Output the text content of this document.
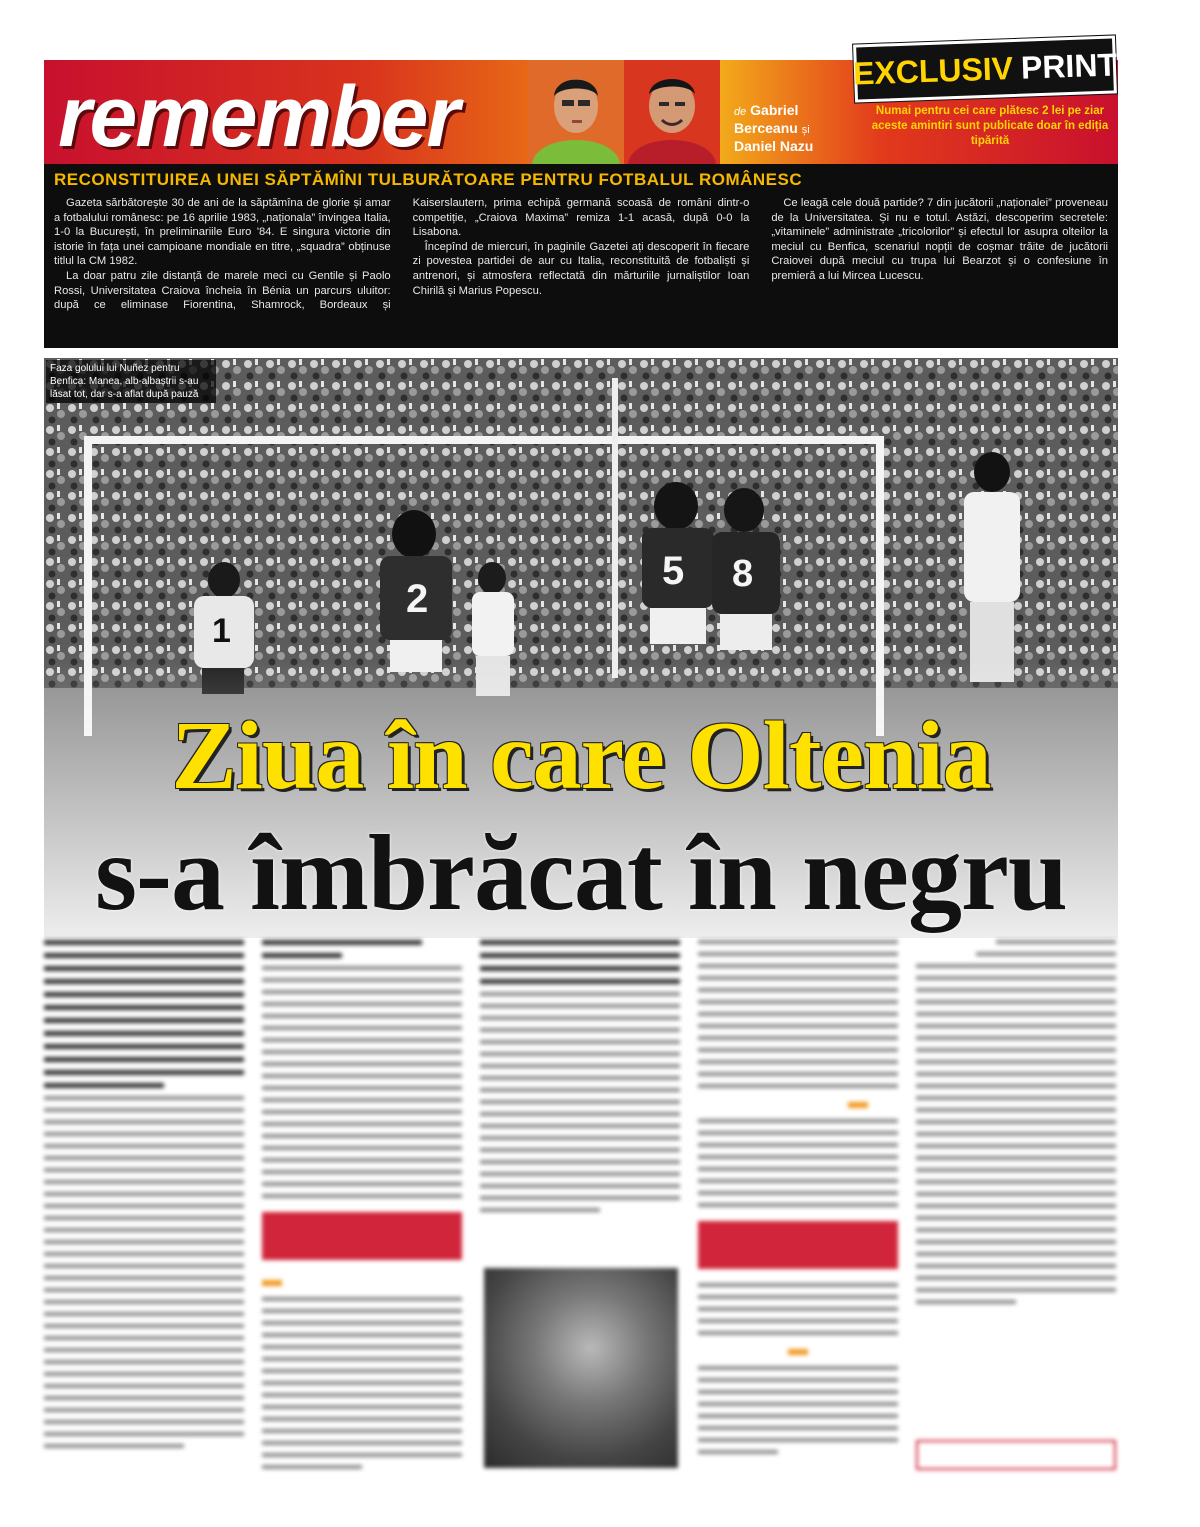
remember	de Gabriel Berceanu și Daniel Nazu
EXCLUSIV PRINT
Numai pentru cei care plătesc 2 lei pe ziar aceste amintiri sunt publicate doar în ediția tipărită
RECONSTITUIREA UNEI SĂPTĂMÎNI TULBURĂTOARE PENTRU FOTBALUL ROMÂNESC

Gazeta sărbătorește 30 de ani de la săptămîna de glorie și amar a fotbalului românesc: pe 16 aprilie 1983, „naționala” învingea Italia, 1-0 la București, în preliminariile Euro '84. E singura victorie din istorie în fața unei campioane mondiale en titre, „squadra” obținuse titlul la CM 1982.

La doar patru zile distanță de marele meci cu Gentile și Paolo Rossi, Universitatea Craiova încheia în Bénia un parcurs uluitor: după ce eliminase Fiorentina, Shamrock, Bordeaux și Kaiserslautern, prima echipă germană scoasă de români dintr-o competiție, „Craiova Maxima” remiza 1-1 acasă, după 0-0 la Lisabona.

Începînd de miercuri, în paginile Gazetei ați descoperit în fiecare zi povestea partidei de aur cu Italia, reconstituită de fotbaliști și antrenori, și atmosfera reflectată din mărturiile jurnaliștilor Ioan Chirilă și Marius Popescu.

Ce leagă cele două partide? 7 din jucătorii „naționalei” proveneau de la Universitatea. Și nu e totul. Astăzi, descoperim secretele: „vitaminele” administrate „tricolorilor” și efectul lor asupra olteilor la meciul cu Benfica, scenariul nopții de coșmar trăite de jucătorii Craiovei după meciul cu trupa lui Bearzot și o confesiune în premieră a lui Mircea Lucescu.

1
2
5 8
Fazа golului lui Nuñez pentru Benfica: Manea, alb-albaștrii s-au lăsat tot, dar s-a aflat după pauză
Ziua în care Oltenia
s-a îmbrăcat în negru
